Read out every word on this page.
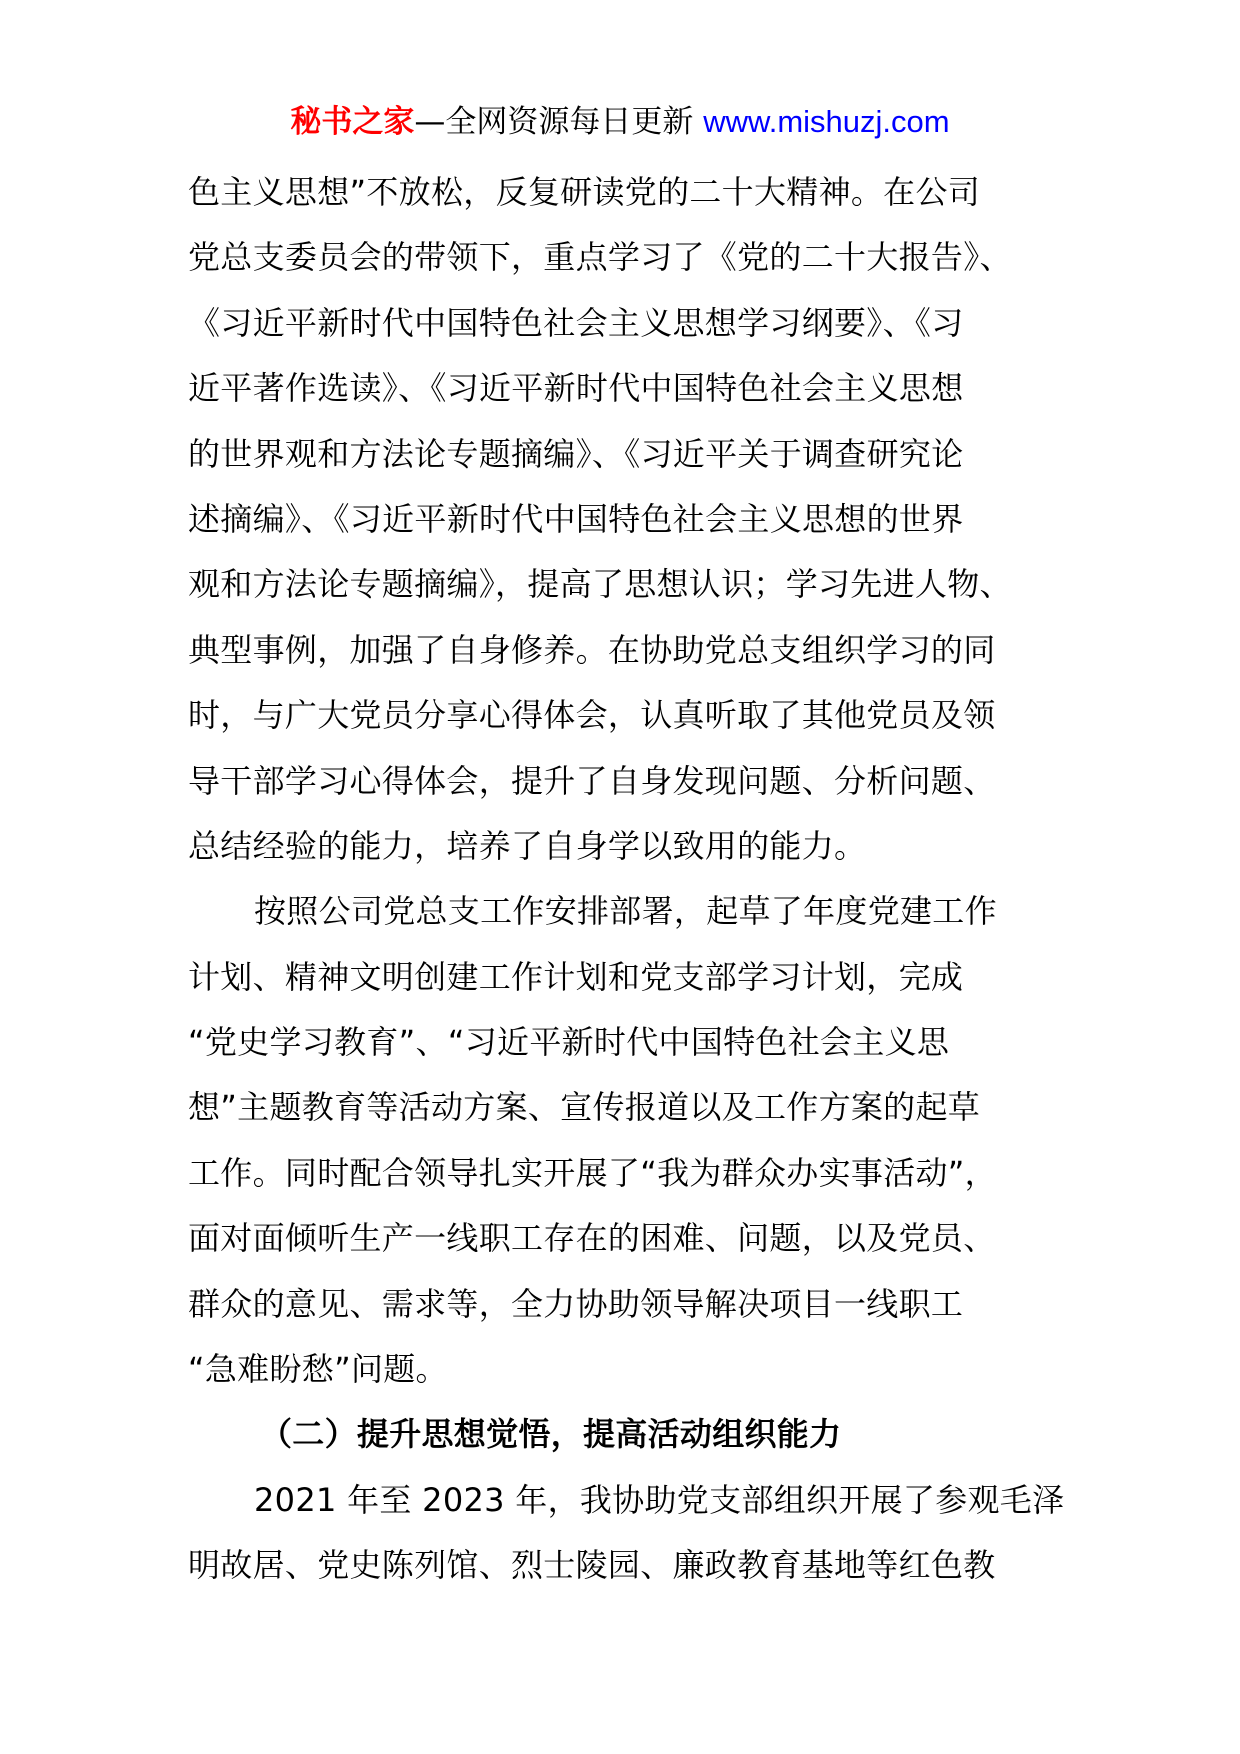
秘书之家—全网资源每日更新 www.mishuzj.com
色主义思想”不放松，反复研读党的二十大精神。在公司
党总支委员会的带领下，重点学习了《党的二十大报告》、
《习近平新时代中国特色社会主义思想学习纲要》、《习
近平著作选读》、《习近平新时代中国特色社会主义思想
的世界观和方法论专题摘编》、《习近平关于调查研究论
述摘编》、《习近平新时代中国特色社会主义思想的世界
观和方法论专题摘编》，提高了思想认识；学习先进人物、
典型事例，加强了自身修养。在协助党总支组织学习的同
时，与广大党员分享心得体会，认真听取了其他党员及领
导干部学习心得体会，提升了自身发现问题、分析问题、
总结经验的能力，培养了自身学以致用的能力。
按照公司党总支工作安排部署，起草了年度党建工作
计划、精神文明创建工作计划和党支部学习计划，完成
“党史学习教育”、“习近平新时代中国特色社会主义思
想”主题教育等活动方案、宣传报道以及工作方案的起草
工作。同时配合领导扎实开展了“我为群众办实事活动”，
面对面倾听生产一线职工存在的困难、问题，以及党员、
群众的意见、需求等，全力协助领导解决项目一线职工
“急难盼愁”问题。
（二）提升思想觉悟，提高活动组织能力
2021 年至 2023 年，我协助党支部组织开展了参观毛泽
明故居、党史陈列馆、烈士陵园、廉政教育基地等红色教
